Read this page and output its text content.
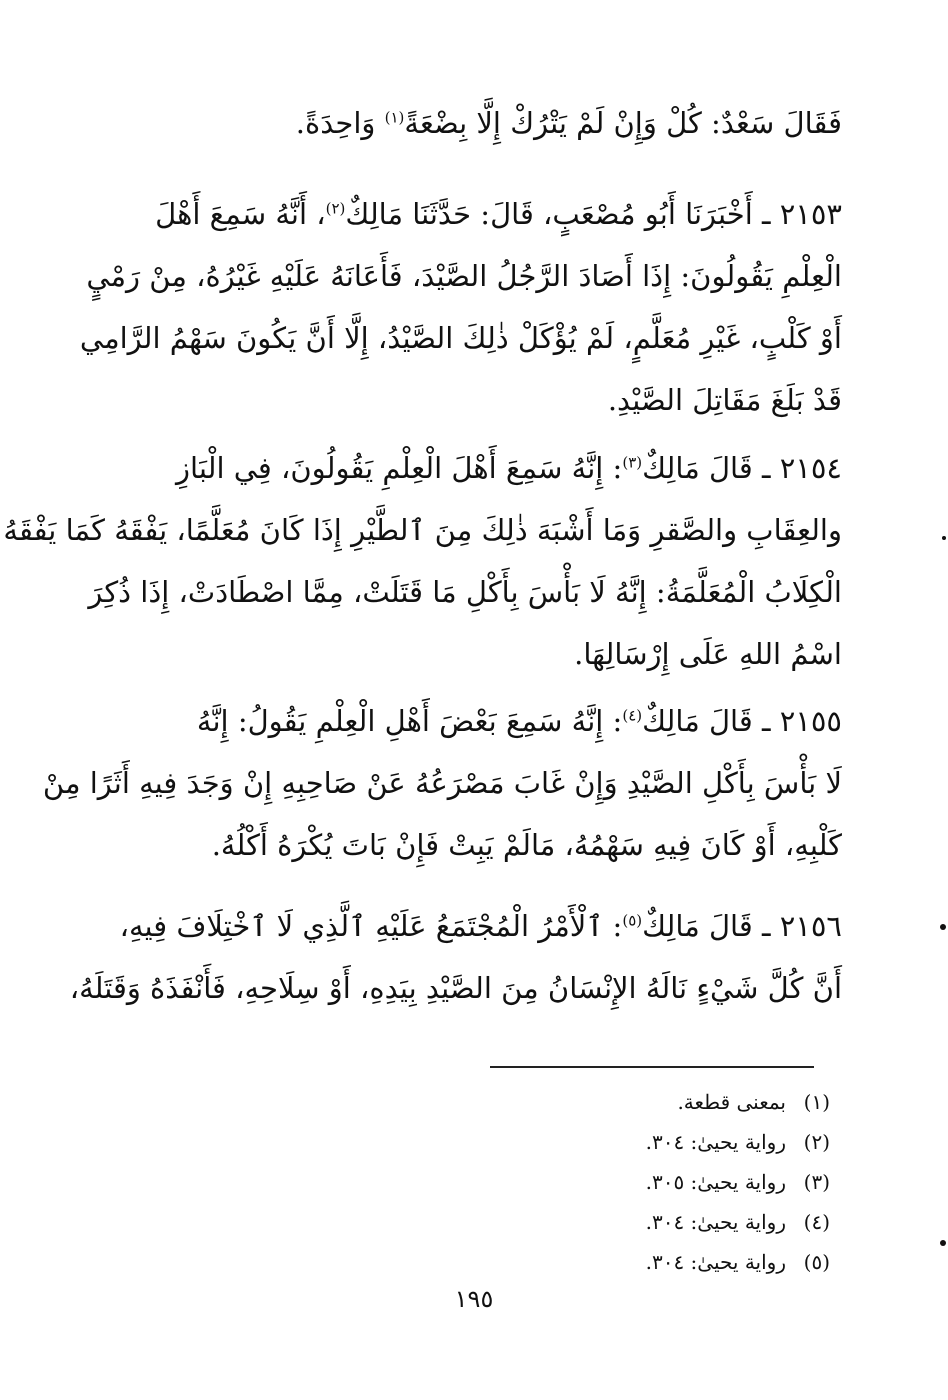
فَقَالَ سَعْدٌ: كُلْ وَإِنْ لَمْ يَتْرُكْ إِلَّا بِضْعَةً$^{(١)}$ وَاحِدَةً.

٢١٥٣ ـ أَخْبَرَنَا أَبُو مُصْعَبٍ، قَالَ: حَدَّثَنَا مَالِكٌ$^{(٢)}$، أَنَّهُ سَمِعَ أَهْلَ
الْعِلْمِ يَقُولُونَ: إِذَا أَصَادَ الرَّجُلُ الصَّيْدَ، فَأَعَانَهُ عَلَيْهِ غَيْرُهُ، مِنْ رَمْيٍ
أَوْ كَلْبٍ، غَيْرِ مُعَلَّمٍ، لَمْ يُؤْكَلْ ذٰلِكَ الصَّيْدُ، إِلَّا أَنَّ يَكُونَ سَهْمُ الرَّامِي
قَدْ بَلَغَ مَقَاتِلَ الصَّيْدِ.

٢١٥٤ ـ قَالَ مَالِكٌ$^{(٣)}$: إِنَّهُ سَمِعَ أَهْلَ الْعِلْمِ يَقُولُونَ، فِي الْبَازِ
والعِقَابِ والصَّقرِ وَمَا أَشْبَهَ ذٰلِكَ مِنَ ٱلطَّيْرِ إِذَا كَانَ مُعَلَّمًا، يَفْقَهُ كَمَا يَفْقَهُ
الْكِلَابُ الْمُعَلَّمَةُ: إِنَّهُ لَا بَأْسَ بِأَكْلِ مَا قَتَلَتْ، مِمَّا اصْطَادَتْ، إِذَا ذُكِرَ
اسْمُ اللهِ عَلَى إِرْسَالِهَا.

٢١٥٥ ـ قَالَ مَالِكٌ$^{(٤)}$: إِنَّهُ سَمِعَ بَعْضَ أَهْلِ الْعِلْمِ يَقُولُ: إِنَّهُ
لَا بَأْسَ بِأَكْلِ الصَّيْدِ وَإِنْ غَابَ مَصْرَعُهُ عَنْ صَاحِبِهِ إِنْ وَجَدَ فِيهِ أَثَرًا مِنْ
كَلْبِهِ، أَوْ كَانَ فِيهِ سَهْمُهُ، مَالَمْ يَبِتْ فَإِنْ بَاتَ يُكْرَهُ أَكْلُهُ.

٢١٥٦ ـ قَالَ مَالِكٌ$^{(٥)}$: ٱلْأَمْرُ الْمُجْتَمَعُ عَلَيْهِ ٱلَّذِي لَا ٱخْتِلَافَ فِيهِ،
أَنَّ كُلَّ شَيْءٍ نَالَهُ الإِنْسَانُ مِنَ الصَّيْدِ بِيَدِهِ، أَوْ سِلَاحِهِ، فَأَنْفَذَهُ وَقَتَلَهُ،

(١)بمعنى قطعة.
(٢)رواية يحيىٰ: ٣٠٤.
(٣)رواية يحيىٰ: ٣٠٥.
(٤)رواية يحيىٰ: ٣٠٤.
(٥)رواية يحيىٰ: ٣٠٤.
١٩٥
